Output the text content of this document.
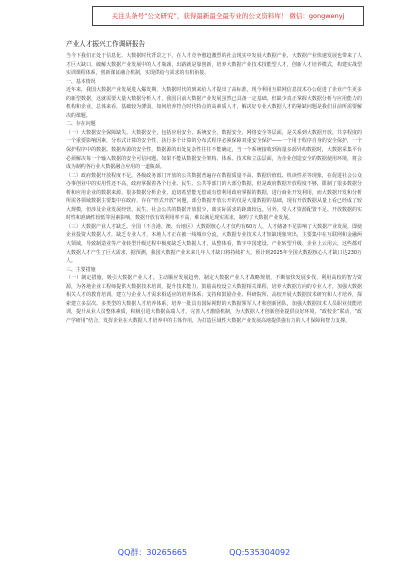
关注头条号“公文研究”，获得最新最全最专业的公文资料库！ 微信：gongwenyj
产业人才振兴工作调研报告

当今下我们正处于信息化、大数据时代背景之下，在人才竞争愈趋激烈的社会现实中发展大数据产业，大数据产业快速发展也带来了人才巨大缺口，破解大数据产业发展中的人才瓶颈，出路就是靠创新，培养大数据产业技术技能型人才，创新人才培养模式，构建实战型实训课程体系，创新课证融合机制，实现供给与需求的有机衔接。

一、基本情况

近年来，我国大数据产业发展进入爆发期，大数据时代的到来给人才提出了高标准，现今利用互联网信息技术办公促进了企业产生更多的新型数据，这就需要大量大数据分析人才，我国目前大数据产业发展虽然已具备一定基础，但缺少真正掌握大数据分析与应用能力的机构和企业，总体来看，基础较为薄弱，如何培养符合时代特点的高素质人才，解决好专业大数据人才的紧缺问题是我们目前所需要解决的课题。

二、存在问题

（一）大数据安全保障缺失。大数据安全，包括应用安全、系统安全、数据安全、网络安全等层面，是关系到大数据开放、共享程度的一个重要影响因素，分布式计算的安全性，执行多个计算的分布式程序必须保障双重安全保护——一个用于程序自身的安全保护，一个保护程序中的数据。数据库源的安全性，数据源的出处复杂性往往不能确定，当一个系统接收到海量多源异构数据时，大数据采集平台必须解决每一个输入数据的安全可信问题。如果不能从数据安全架构、体系、技术和立法层面，为企业创造安全的数据使用环境，将会成为制约各行业大数据融合应用的一道瓶颈。

（二）政府数据开放程度不足。各级政务部门开放的公共数据普遍存在数据质量不高、数据价值低、机读性差等现象，在促进社会公众办事创业中的实用性还不高，政府掌握着各个行业、民生、公共等部门的大部分数据，但是政府数据开放程度不够，限制了很多数据分析和应用企业的数据来源，很多数据分析企业，迫切希望能无偿或有偿利用政府掌握的数据，进行商业开发利用，而大数据开发和分析所需各领域数据主要集中在政府，存在“形式开放”问题，部分数据开放公开的仅是大量数据的基础，现有开放数据从量上看已经成了较大规模，但涉及企业发展经营、民生、社会公共的数据开放很少，离实际需求的距离较远。另外，受人才资源配置不足、开放数据的实时性和准确性较低等因素影响，数据开放有效利用率不高，难以满足现实需求，制约了大数据产业发展。

（三）大数据产业人才缺乏。全国（不含港、澳、台地区）大数据核心人才仅约有60万人，人才储备不足影响了大数据产业发展，即使企业投资大数据人才，缺乏专业人才，本地人才正在被一线城市分流，大数据专业技术人才短缺现象突出，主要集中在互联网和金融两大领域，导致制造业等产业转型升级过程中极度缺乏大数据人才，从整体看，数字中国建设、产业转型升级、企业上云用云，这些都对大数据人才产生了巨大需求，据预测，我国大数据产业未来几年人才缺口将持续扩大，预计到2025年全国大数据核心人才缺口达230万人。

三、主要措施

（一）制定措施，吸引大数据产业人才。主动顺应发展趋势，制定大数据产业人才战略规划，不断加快发展步伐，利用高校的智力资源，为各地企业工程师提供大数据技术培训，提升技术能力，鼓励高校设立大数据相关课程，培养大数据方向的专业人才，加强大数据相关人才的教育培训，建立与企业人才需求相适应的培养体系；支持和鼓励企业、科研院所、高校开展大数据技术研究和人才培养，探索建立多层次、多类型的大数据人才培养体系，培养一批具有国际视野的大数据领军人才和创新团队，加强大数据技术人员职业技能培训，提升从业人员整体素质，积极引进大数据高端人才，完善人才激励机制，为大数据人才创新创业提供良好环境，“政校企”联动，“政产学研用”结合，发挥企业在大数据人才培养中的主体作用，为打造区域性大数据产业发展高地提供强有力的人才保障和智力支撑。

QQ群：30265665	QQ:535304092
